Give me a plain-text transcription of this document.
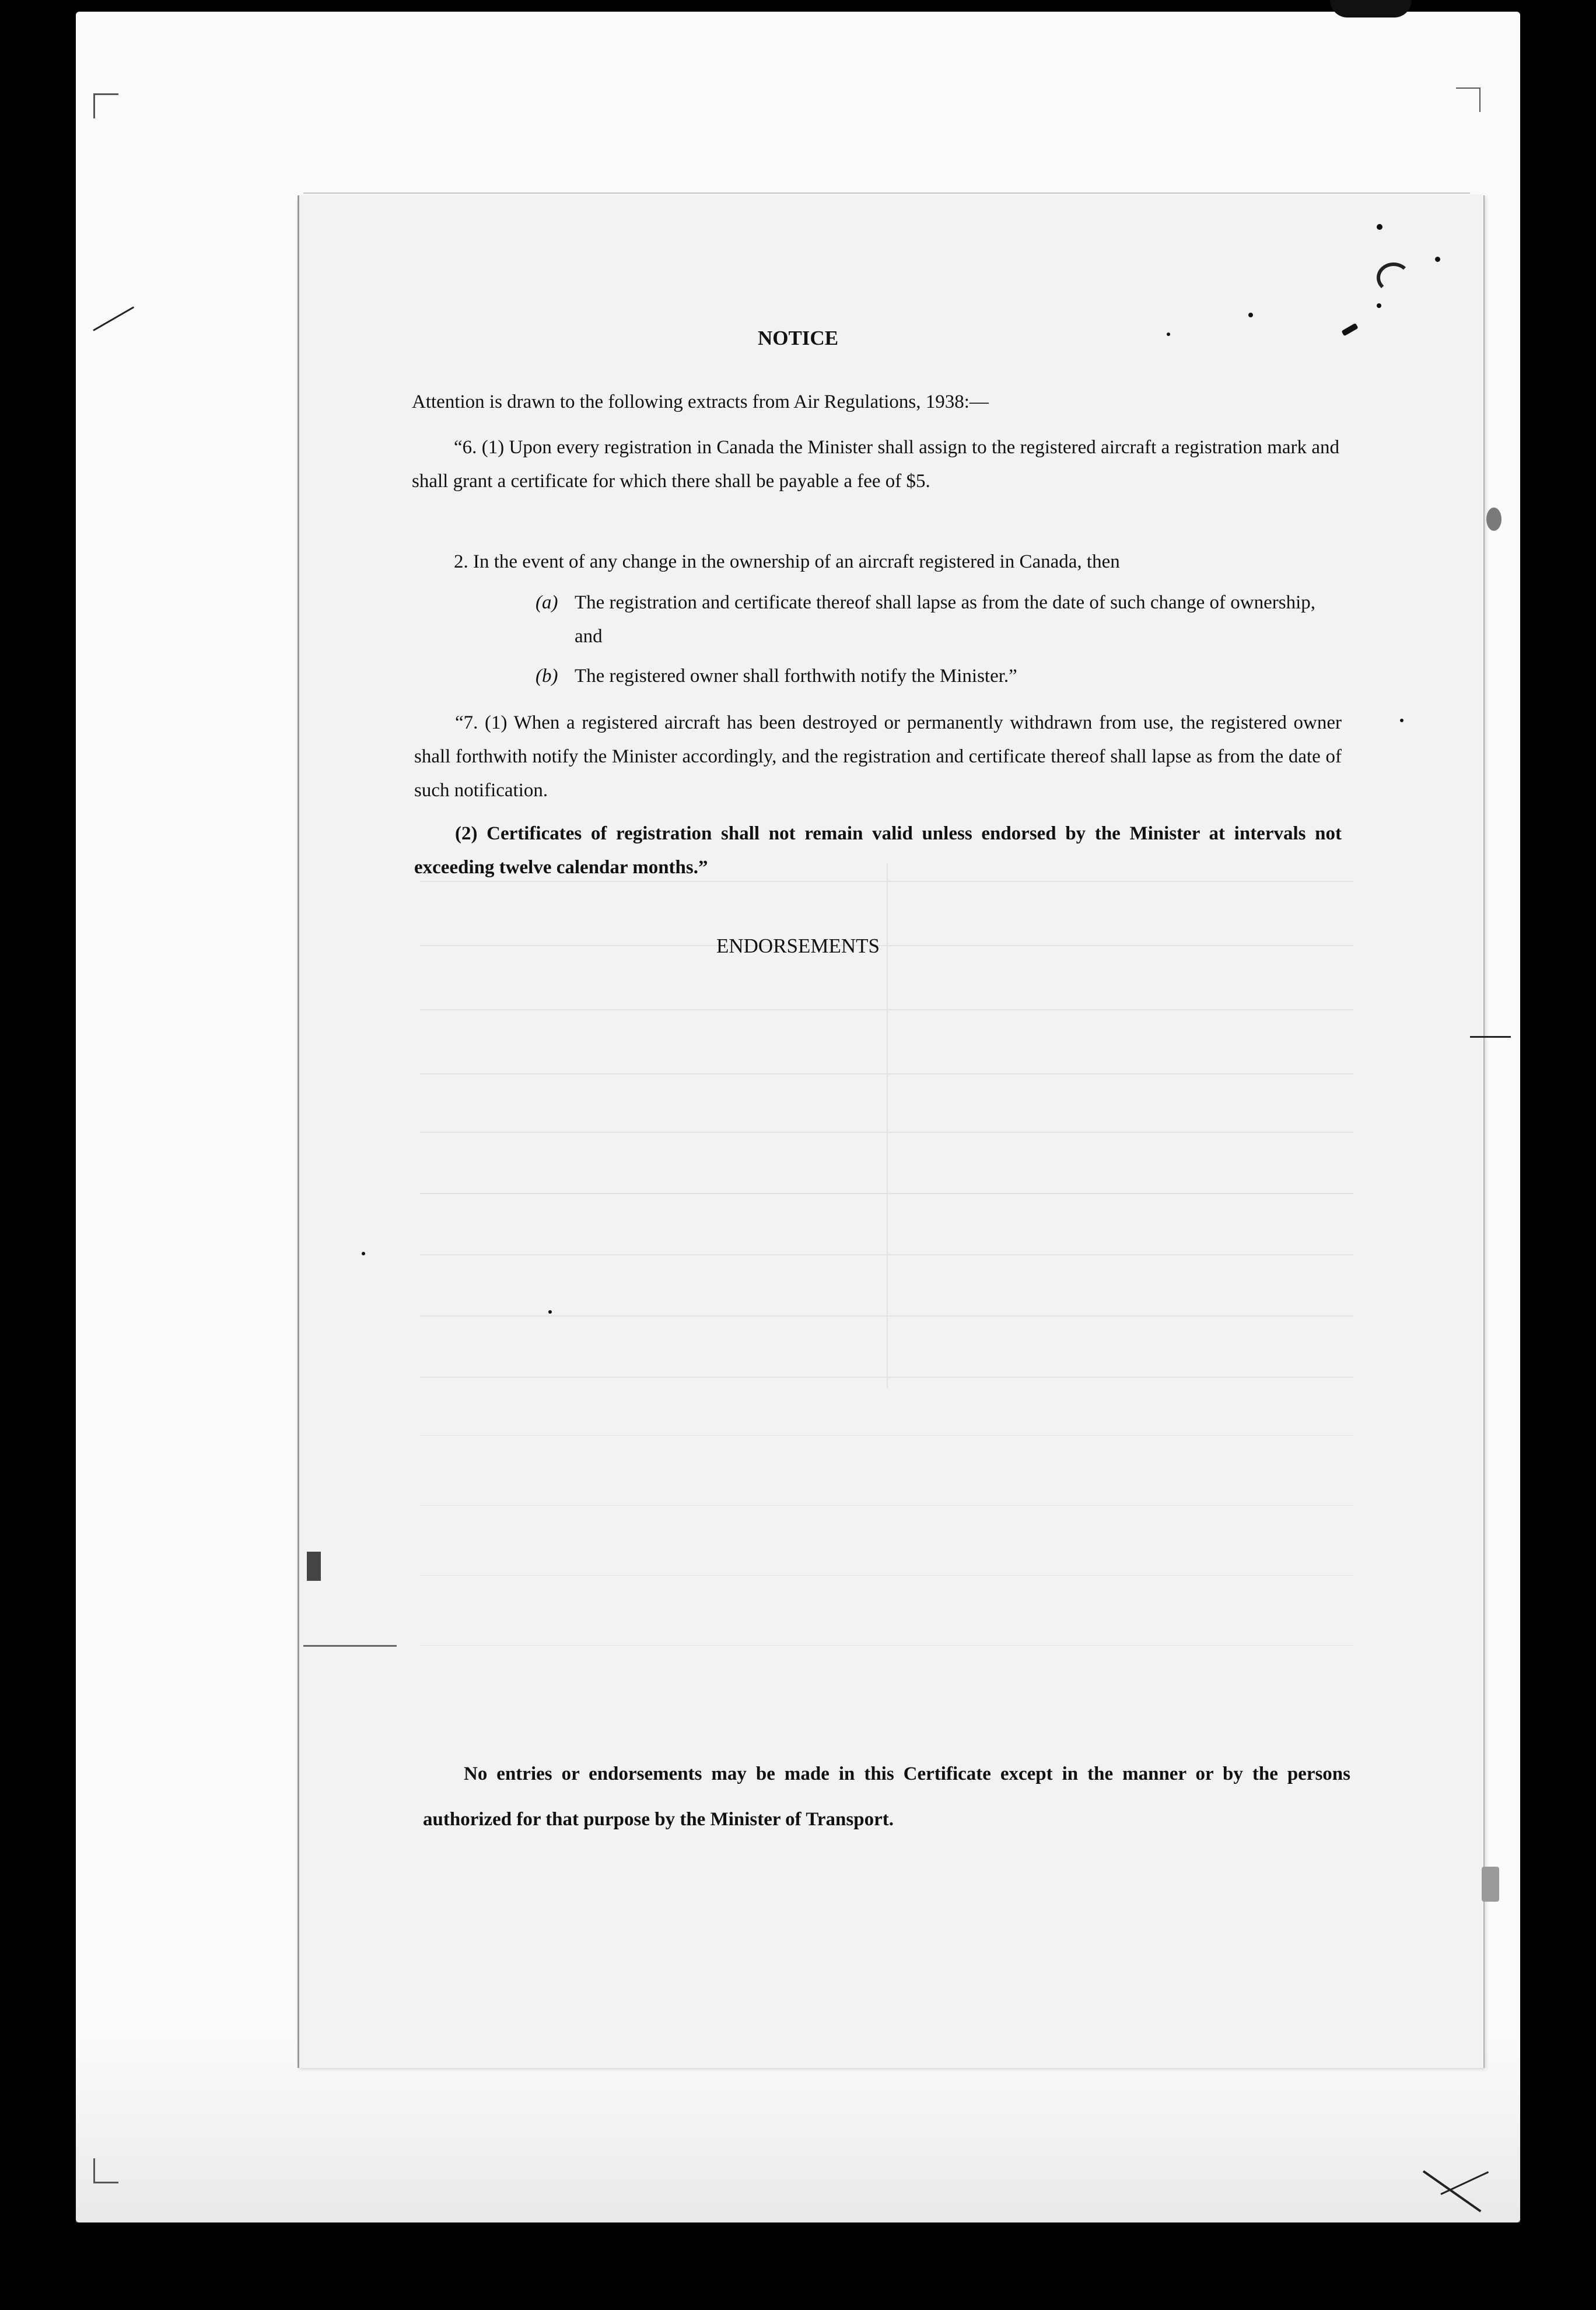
NOTICE

Attention is drawn to the following extracts from Air Regulations, 1938:—

“6. (1) Upon every registration in Canada the Minister shall assign to the registered aircraft a registration mark and shall grant a certificate for which there shall be payable a fee of $5.

2. In the event of any change in the ownership of an aircraft registered in Canada, then

(a) The registration and certificate thereof shall lapse as from the date of such change of ownership, and

(b) The registered owner shall forthwith notify the Minister.”

“7. (1) When a registered aircraft has been destroyed or permanently withdrawn from use, the registered owner shall forthwith notify the Minister accordingly, and the registration and certificate thereof shall lapse as from the date of such notification.

(2) Certificates of registration shall not remain valid unless endorsed by the Minister at intervals not exceeding twelve calendar months.”

ENDORSEMENTS

No entries or endorsements may be made in this Certificate except in the manner or by the persons authorized for that purpose by the Minister of Transport.
